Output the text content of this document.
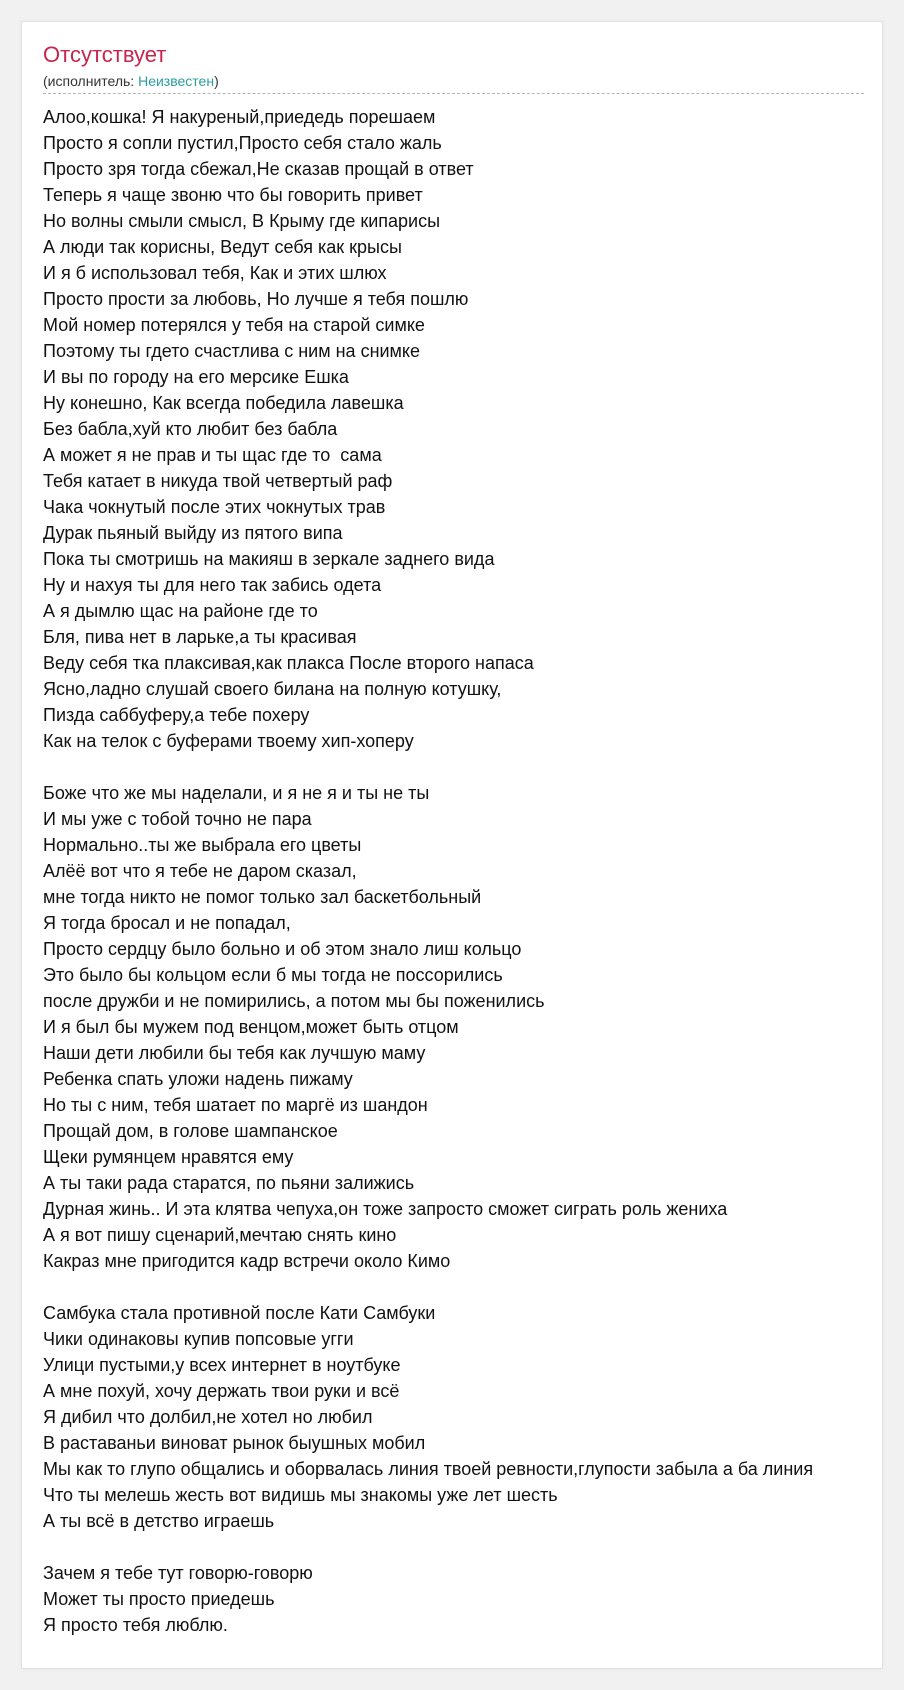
Отсутствует
(исполнитель: Неизвестен)
Алоо,кошка! Я накуреный,приедедь порешаем
Просто я сопли пустил,Просто себя стало жаль
Просто зря тогда сбежал,Не сказав прощай в ответ
Теперь я чаще звоню что бы говорить привет
Но волны смыли смысл, В Крыму где кипарисы
А люди так корисны, Ведут себя как крысы
И я б использовал тебя, Как и этих шлюх
Просто прости за любовь, Но лучше я тебя пошлю
Мой номер потерялся у тебя на старой симке
Поэтому ты гдето счастлива с ним на снимке
И вы по городу на его мерсике Ешка
Ну конешно, Как всегда победила лавешка
Без бабла,хуй кто любит без бабла
А может я не прав и ты щас где то  сама
Тебя катает в никуда твой четвертый раф
Чака чокнутый после этих чокнутых трав
Дурак пьяный выйду из пятого випа
Пока ты смотришь на макияш в зеркале заднего вида
Ну и нахуя ты для него так забись одета
А я дымлю щас на районе где то
Бля, пива нет в ларьке,а ты красивая
Веду себя тка плаксивая,как плакса После второго напаса
Ясно,ладно слушай своего билана на полную котушку,
Пизда саббуферу,а тебе похеру
Как на телок с буферами твоему хип-хоперу
Боже что же мы наделали, и я не я и ты не ты
И мы уже с тобой точно не пара
Нормально..ты же выбрала его цветы
Алёё вот что я тебе не даром сказал,
мне тогда никто не помог только зал баскетбольный
Я тогда бросал и не попадал,
Просто сердцу было больно и об этом знало лиш кольцо
Это было бы кольцом если б мы тогда не поссорились
после дружби и не помирились, а потом мы бы поженились
И я был бы мужем под венцом,может быть отцом
Наши дети любили бы тебя как лучшую маму
Ребенка спать уложи надень пижаму
Но ты с ним, тебя шатает по маргё из шандон
Прощай дом, в голове шампанское
Щеки румянцем нравятся ему
А ты таки рада старатся, по пьяни залижись
Дурная жинь.. И эта клятва чепуха,он тоже запросто сможет сиграть роль жениха
А я вот пишу сценарий,мечтаю снять кино
Какраз мне пригодится кадр встречи около Кимо
Самбука стала противной после Кати Самбуки
Чики одинаковы купив попсовые угги
Улици пустыми,у всех интернет в ноутбуке
А мне похуй, хочу держать твои руки и всё
Я дибил что долбил,не хотел но любил
В раставаньи виноват рынок быушных мобил
Мы как то глупо общались и оборвалась линия твоей ревности,глупости забыла а ба линия
Что ты мелешь жесть вот видишь мы знакомы уже лет шесть
А ты всё в детство играешь
Зачем я тебе тут говорю-говорю
Может ты просто приедешь
Я просто тебя люблю.
